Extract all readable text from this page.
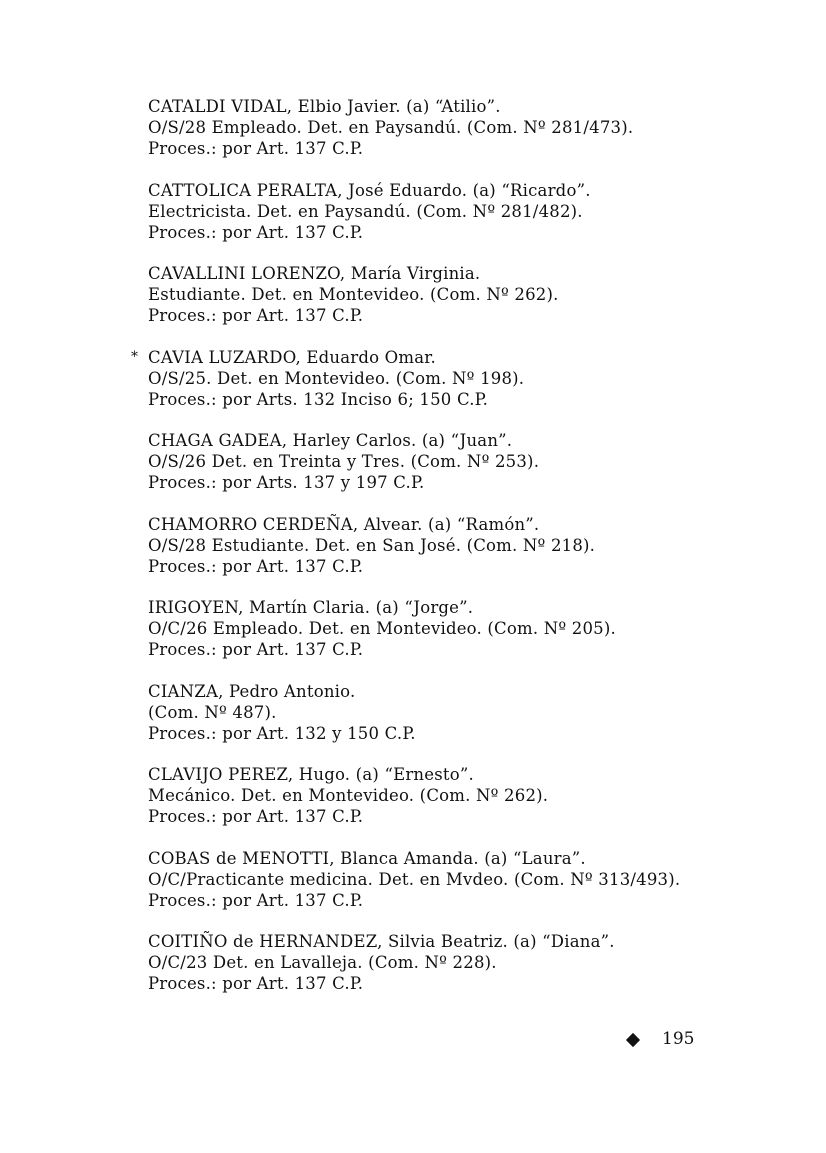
CATALDI VIDAL, Elbio Javier. (a) “Atilio”.
O/S/28 Empleado. Det. en Paysandú. (Com. Nº 281/473).
Proces.: por Art. 137 C.P.
CATTOLICA PERALTA, José Eduardo. (a) “Ricardo”.
Electricista. Det. en Paysandú. (Com. Nº 281/482).
Proces.: por Art. 137 C.P.
CAVALLINI LORENZO, María Virginia.
Estudiante. Det. en Montevideo. (Com. Nº 262).
Proces.: por Art. 137 C.P.
* CAVIA LUZARDO, Eduardo Omar.
O/S/25. Det. en Montevideo. (Com. Nº 198).
Proces.: por Arts. 132 Inciso 6; 150 C.P.
CHAGA GADEA, Harley Carlos. (a) “Juan”.
O/S/26 Det. en Treinta y Tres. (Com. Nº 253).
Proces.: por Arts. 137 y 197 C.P.
CHAMORRO CERDEÑA, Alvear. (a) “Ramón”.
O/S/28 Estudiante. Det. en San José. (Com. Nº 218).
Proces.: por Art. 137 C.P.
IRIGOYEN, Martín Claria. (a) “Jorge”.
O/C/26 Empleado. Det. en Montevideo. (Com. Nº 205).
Proces.: por Art. 137 C.P.
CIANZA, Pedro Antonio.
(Com. Nº 487).
Proces.: por Art. 132 y 150 C.P.
CLAVIJO PEREZ, Hugo. (a) “Ernesto”.
Mecánico. Det. en Montevideo. (Com. Nº 262).
Proces.: por Art. 137 C.P.
COBAS de MENOTTI, Blanca Amanda. (a) “Laura”.
O/C/Practicante medicina. Det. en Mvdeo. (Com. Nº 313/493).
Proces.: por Art. 137 C.P.
COITIÑO de HERNANDEZ, Silvia Beatriz. (a) “Diana”.
O/C/23 Det. en Lavalleja. (Com. Nº 228).
Proces.: por Art. 137 C.P.
195
